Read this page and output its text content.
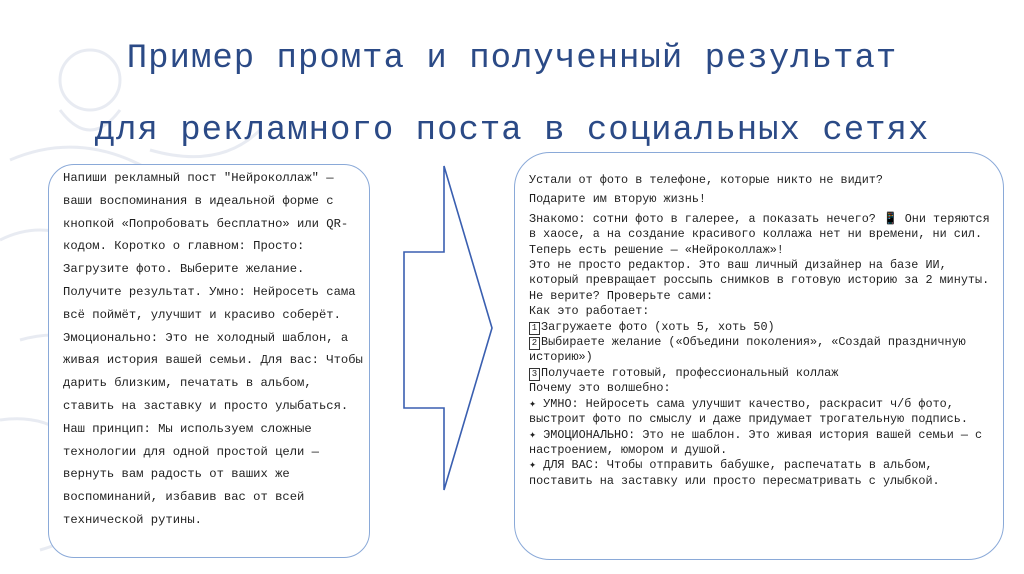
Пример промта и полученный результат
для рекламного поста в социальных сетях
Напиши рекламный пост "Нейроколлаж" — ваши воспоминания в идеальной форме с кнопкой «Попробовать бесплатно» или QR-кодом. Коротко о главном: Просто: Загрузите фото. Выберите желание. Получите результат. Умно: Нейросеть сама всё поймёт, улучшит и красиво соберёт. Эмоционально: Это не холодный шаблон, а живая история вашей семьи. Для вас: Чтобы дарить близким, печатать в альбом, ставить на заставку и просто улыбаться. Наш принцип: Мы используем сложные технологии для одной простой цели — вернуть вам радость от ваших же воспоминаний, избавив вас от всей технической рутины.

Устали от фото в телефоне, которые никто не видит?

Подарите им вторую жизнь!

Знакомо: сотни фото в галерее, а показать нечего? 📱 Они теряются в хаосе, а на создание красивого коллажа нет ни времени, ни сил.

Теперь есть решение — «Нейроколлаж»!

Это не просто редактор. Это ваш личный дизайнер на базе ИИ, который превращает россыпь снимков в готовую историю за 2 минуты. Не верите? Проверьте сами:

Как это работает:

1 Загружаете фото (хоть 5, хоть 50)

2 Выбираете желание («Объедини поколения», «Создай праздничную историю»)

3 Получаете готовый, профессиональный коллаж

Почему это волшебно:

✦ УМНО: Нейросеть сама улучшит качество, раскрасит ч/б фото, выстроит фото по смыслу и даже придумает трогательную подпись.

✦ ЭМОЦИОНАЛЬНО: Это не шаблон. Это живая история вашей семьи — с настроением, юмором и душой.

✦ ДЛЯ ВАС: Чтобы отправить бабушке, распечатать в альбом, поставить на заставку или просто пересматривать с улыбкой.
